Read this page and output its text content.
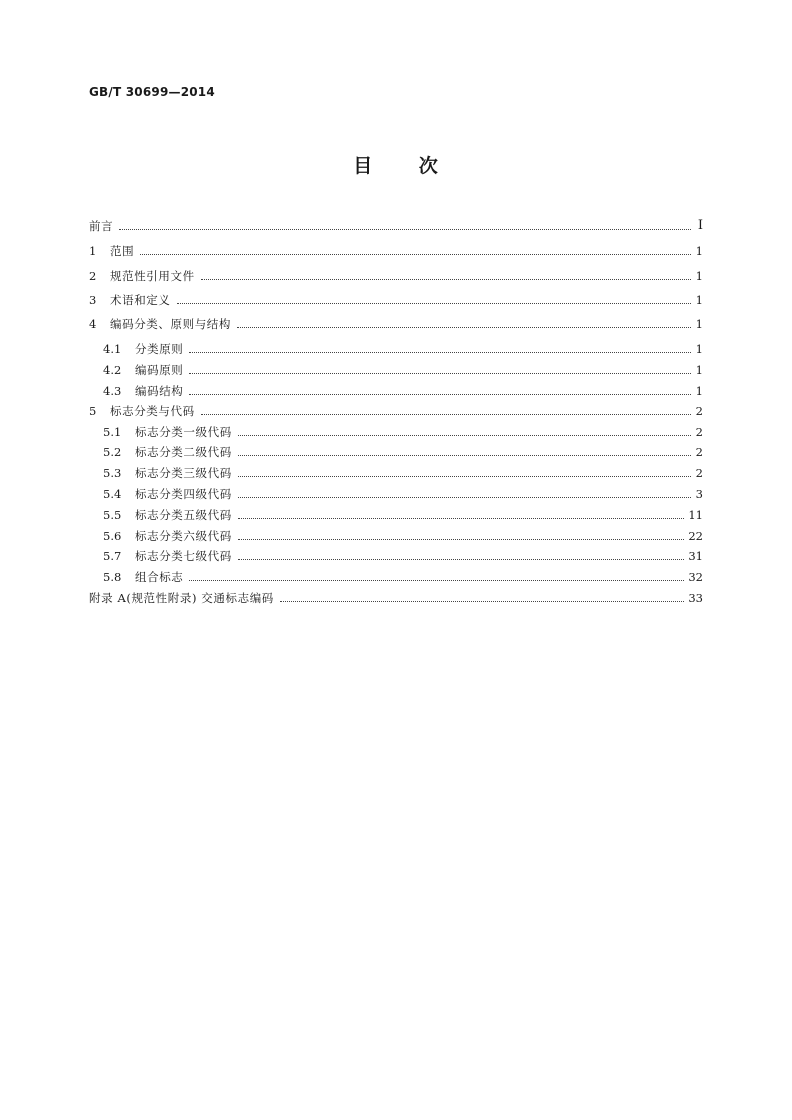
GB/T 30699—2014
目 次
前言	I
1	范围	1
2	规范性引用文件	1
3	术语和定义	1
4	编码分类、原则与结构	1
4.1	分类原则	1
4.2	编码原则	1
4.3	编码结构	1
5	标志分类与代码	2
5.1	标志分类一级代码	2
5.2	标志分类二级代码	2
5.3	标志分类三级代码	2
5.4	标志分类四级代码	3
5.5	标志分类五级代码	11
5.6	标志分类六级代码	22
5.7	标志分类七级代码	31
5.8	组合标志	32
附录 A(规范性附录) 交通标志编码	33
